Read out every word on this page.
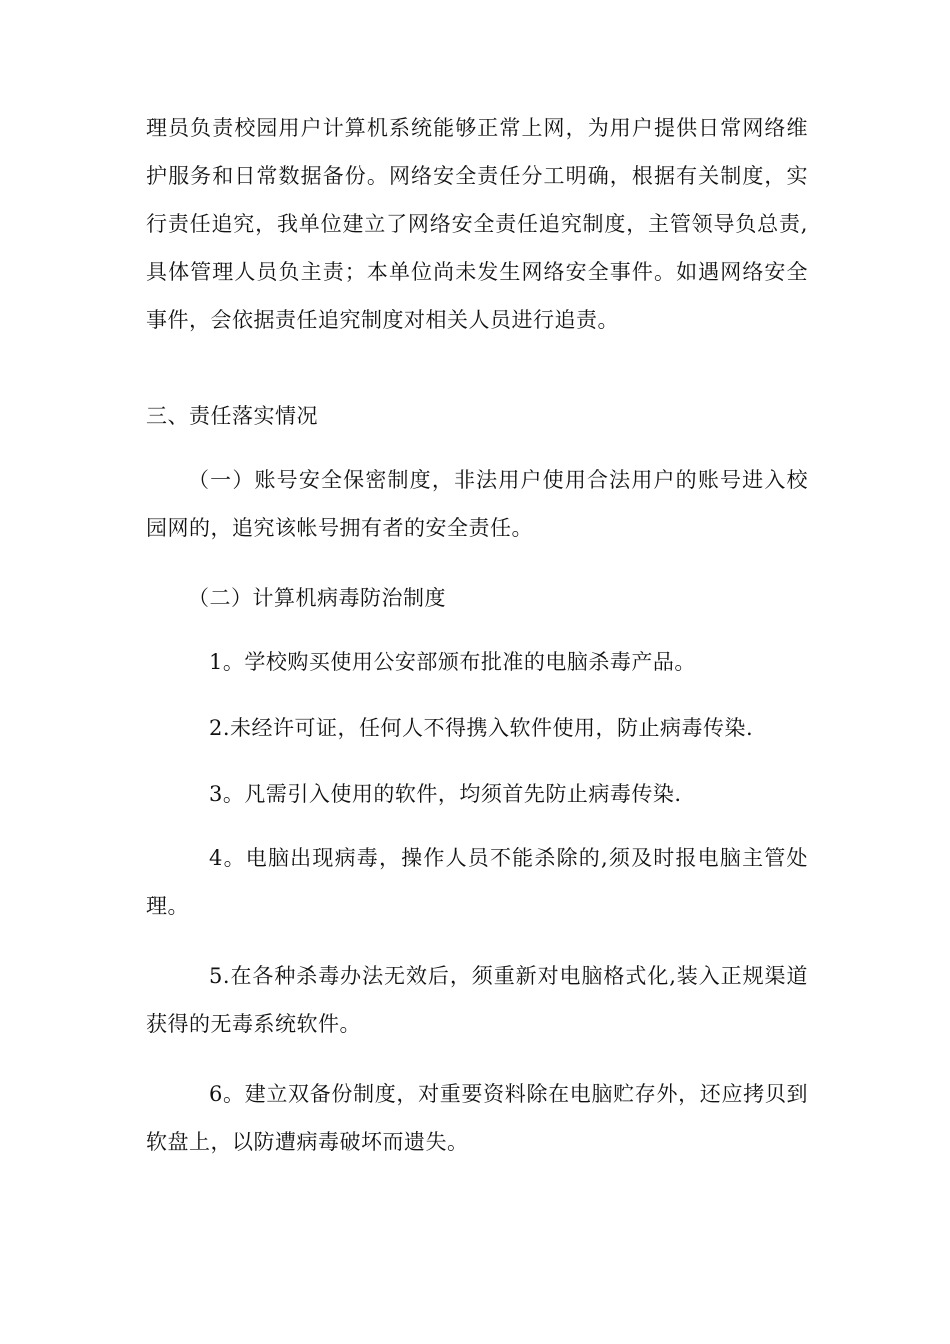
理员负责校园用户计算机系统能够正常上网，为用户提供日常网络维护服务和日常数据备份。网络安全责任分工明确，根据有关制度，实行责任追究，我单位建立了网络安全责任追究制度，主管领导负总责,具体管理人员负主责；本单位尚未发生网络安全事件。如遇网络安全事件，会依据责任追究制度对相关人员进行追责。

三、责任落实情况

（一）账号安全保密制度，非法用户使用合法用户的账号进入校园网的，追究该帐号拥有者的安全责任。

（二）计算机病毒防治制度

1。学校购买使用公安部颁布批准的电脑杀毒产品。

2.未经许可证，任何人不得携入软件使用，防止病毒传染.

3。凡需引入使用的软件，均须首先防止病毒传染.

4。电脑出现病毒，操作人员不能杀除的,须及时报电脑主管处理。

5.在各种杀毒办法无效后，须重新对电脑格式化,装入正规渠道获得的无毒系统软件。

6。建立双备份制度，对重要资料除在电脑贮存外，还应拷贝到软盘上，以防遭病毒破坏而遗失。
